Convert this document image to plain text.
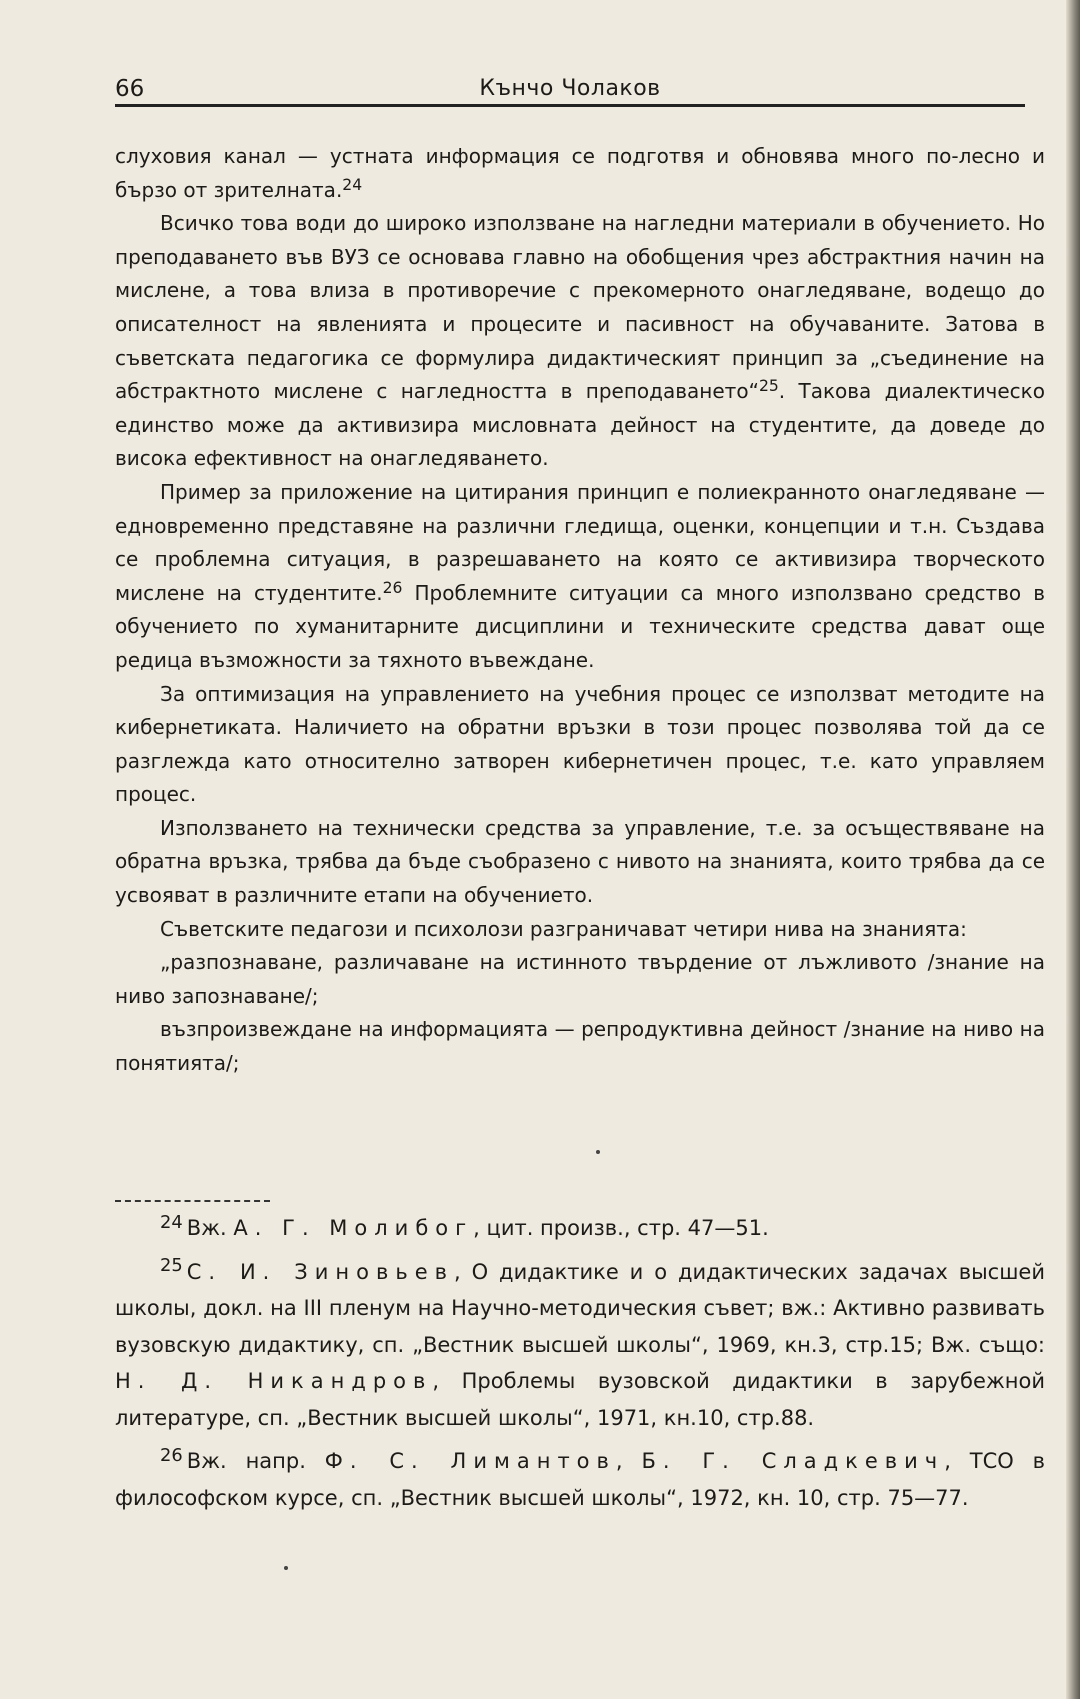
66	Кънчо Чолаков

слуховия канал — устната информация се подготвя и обновява много по-лесно и бързо от зрителната.$^{24}$

Всичко това води до широко използване на нагледни материали в обучението. Но преподаването във ВУЗ се основава главно на обобщения чрез абстрактния начин на мислене, а това влиза в противоречие с прекомерното онагледяване, водещо до описателност на явленията и процесите и пасивност на обучаваните. Затова в съветската педагогика се формулира дидактическият принцип за „съединение на абстрактното мислене с нагледността в преподаването“$^{25}$. Такова диалектическо единство може да активизира мисловната дейност на студентите, да доведе до висока ефективност на онагледяването.

Пример за приложение на цитирания принцип е полиекранното онагледяване — едновременно представяне на различни гледища, оценки, концепции и т.н. Създава се проблемна ситуация, в разрешаването на която се активизира творческото мислене на студентите.$^{26}$ Проблемните ситуации са много използвано средство в обучението по хуманитарните дисциплини и техническите средства дават още редица възможности за тяхното въвеждане.

За оптимизация на управлението на учебния процес се използват методите на кибернетиката. Наличието на обратни връзки в този процес позволява той да се разглежда като относително затворен кибернетичен процес, т.е. като управляем процес.

Използването на технически средства за управление, т.е. за осъществяване на обратна връзка, трябва да бъде съобразено с нивото на знанията, които трябва да се усвояват в различните етапи на обучението.

Съветските педагози и психолози разграничават четири нива на знанията:

„разпознаване, различаване на истинното твърдение от лъжливото /знание на ниво запознаване/;

възпроизвеждане на информацията — репродуктивна дейност /знание на ниво на понятията/;

24 Вж. А. Г. Молибог, цит. произв., стр. 47—51.

25 С. И. Зиновьев, О дидактике и о дидактических задачах высшей школы, докл. на III пленум на Научно-методическия съвет; вж.: Активно развивать вузовскую дидактику, сп. „Вестник высшей школы“, 1969, кн.3, стр.15; Вж. също: Н. Д. Никандров, Проблемы вузовской дидактики в зарубежной литературе, сп. „Вестник высшей школы“, 1971, кн.10, стр.88.

26 Вж. напр. Ф. С. Лимантов, Б. Г. Сладкевич, ТСО в философском курсе, сп. „Вестник высшей школы“, 1972, кн. 10, стр. 75—77.
